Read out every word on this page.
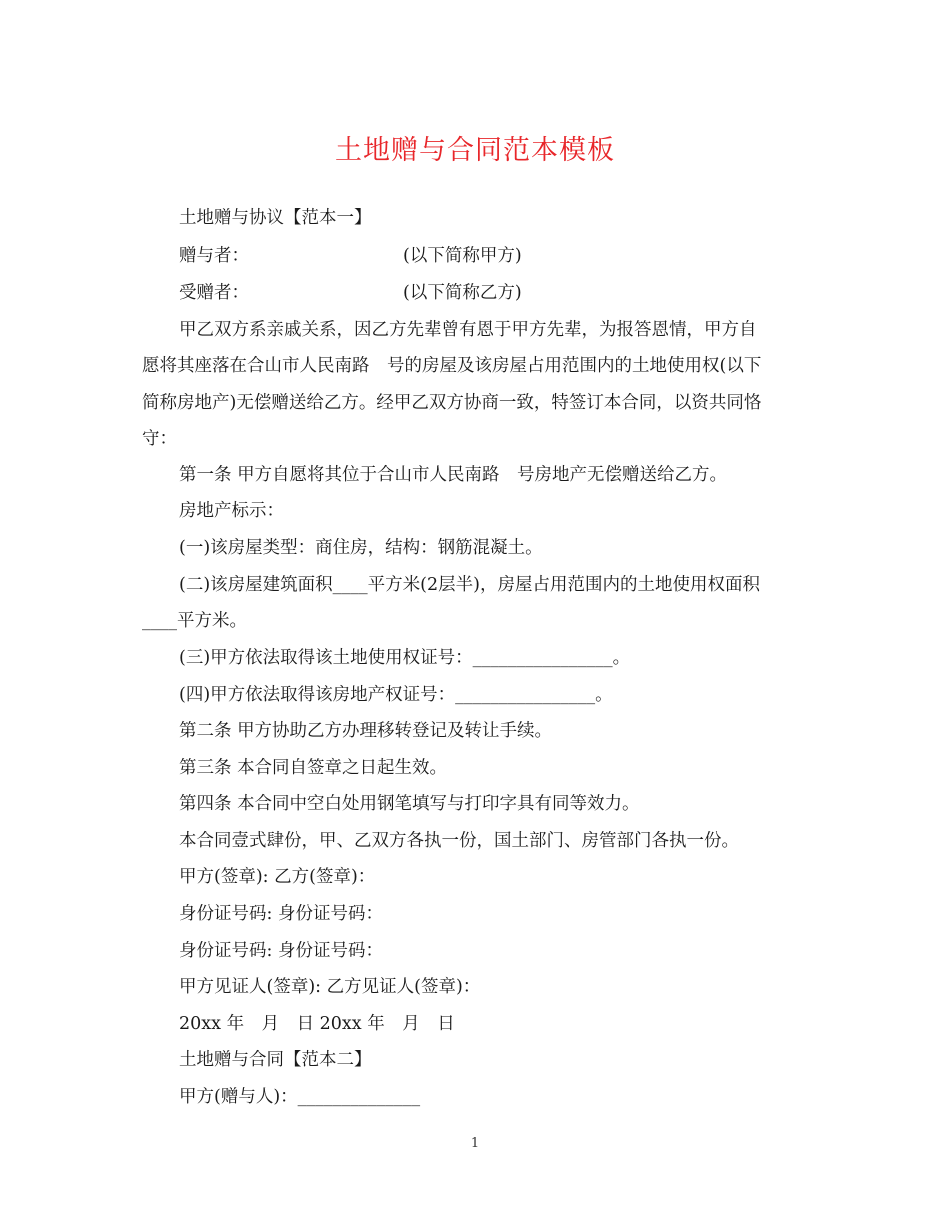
土地赠与合同范本模板
土地赠与协议【范本一】
赠与者：	(以下简称甲方)
受赠者：	(以下简称乙方)
甲乙双方系亲戚关系，因乙方先辈曾有恩于甲方先辈，为报答恩情，甲方自
愿将其座落在合山市人民南路　号的房屋及该房屋占用范围内的土地使用权(以下
简称房地产)无偿赠送给乙方。经甲乙双方协商一致，特签订本合同，以资共同恪
守：
第一条 甲方自愿将其位于合山市人民南路　号房地产无偿赠送给乙方。
房地产标示：
(一)该房屋类型：商住房，结构：钢筋混凝土。
(二)该房屋建筑面积____平方米(2层半)，房屋占用范围内的土地使用权面积
____平方米。
(三)甲方依法取得该土地使用权证号：________________。
(四)甲方依法取得该房地产权证号：________________。
第二条 甲方协助乙方办理移转登记及转让手续。
第三条 本合同自签章之日起生效。
第四条 本合同中空白处用钢笔填写与打印字具有同等效力。
本合同壹式肆份，甲、乙双方各执一份，国土部门、房管部门各执一份。
甲方(签章): 乙方(签章)：
身份证号码: 身份证号码：
身份证号码: 身份证号码：
甲方见证人(签章): 乙方见证人(签章)：
20xx 年　月　日 20xx 年　月　日
土地赠与合同【范本二】
甲方(赠与人)：______________
1
